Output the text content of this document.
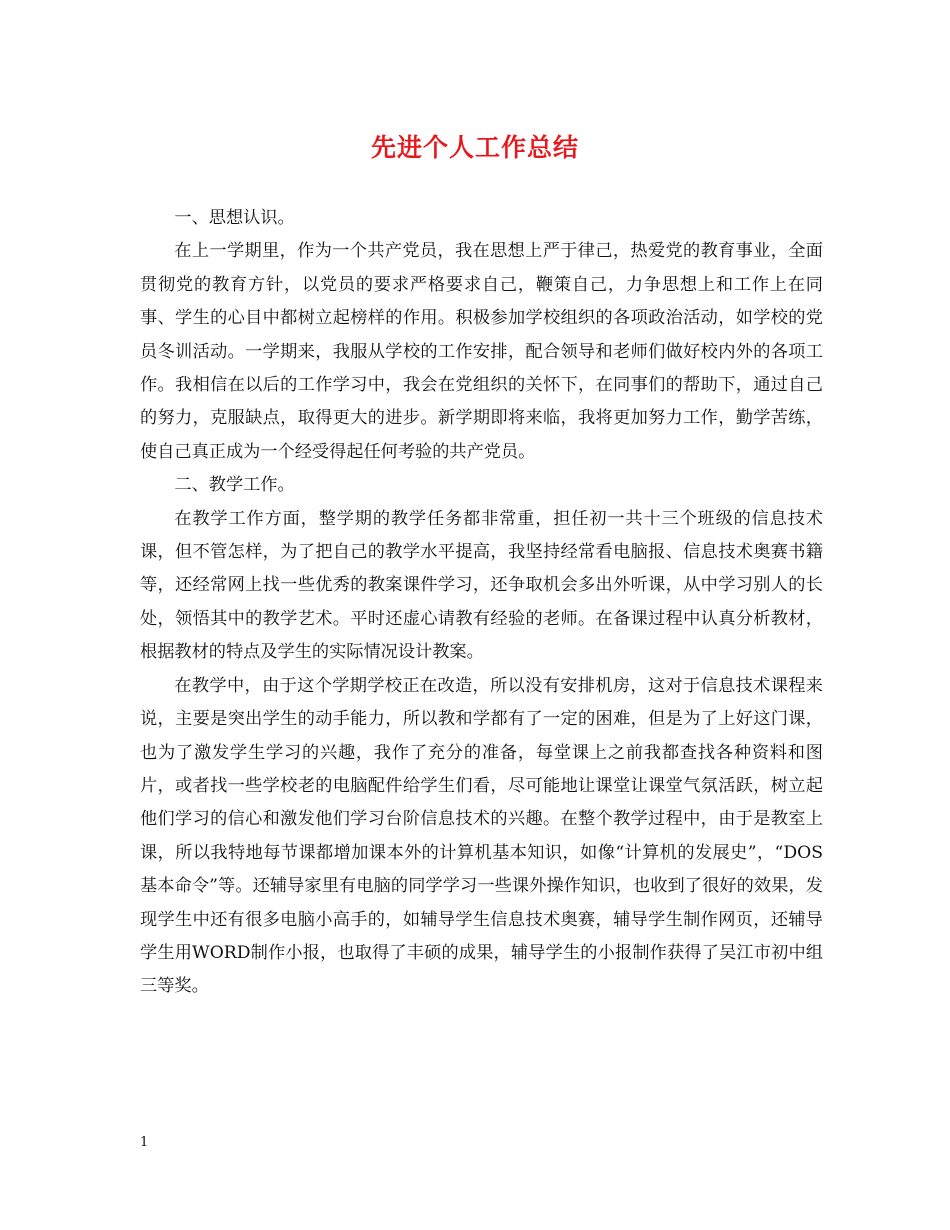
先进个人工作总结

一、思想认识。

在上一学期里，作为一个共产党员，我在思想上严于律己，热爱党的教育事业，全面贯彻党的教育方针，以党员的要求严格要求自己，鞭策自己，力争思想上和工作上在同事、学生的心目中都树立起榜样的作用。积极参加学校组织的各项政治活动，如学校的党员冬训活动。一学期来，我服从学校的工作安排，配合领导和老师们做好校内外的各项工作。我相信在以后的工作学习中，我会在党组织的关怀下，在同事们的帮助下，通过自己的努力，克服缺点，取得更大的进步。新学期即将来临，我将更加努力工作，勤学苦练，使自己真正成为一个经受得起任何考验的共产党员。

二、教学工作。

在教学工作方面，整学期的教学任务都非常重，担任初一共十三个班级的信息技术课，但不管怎样，为了把自己的教学水平提高，我坚持经常看电脑报、信息技术奥赛书籍等，还经常网上找一些优秀的教案课件学习，还争取机会多出外听课，从中学习别人的长处，领悟其中的教学艺术。平时还虚心请教有经验的老师。在备课过程中认真分析教材，根据教材的特点及学生的实际情况设计教案。

在教学中，由于这个学期学校正在改造，所以没有安排机房，这对于信息技术课程来说，主要是突出学生的动手能力，所以教和学都有了一定的困难，但是为了上好这门课，也为了激发学生学习的兴趣，我作了充分的准备，每堂课上之前我都查找各种资料和图片，或者找一些学校老的电脑配件给学生们看，尽可能地让课堂让课堂气氛活跃，树立起他们学习的信心和激发他们学习台阶信息技术的兴趣。在整个教学过程中，由于是教室上课，所以我特地每节课都增加课本外的计算机基本知识，如像“计算机的发展史”，“DOS基本命令”等。还辅导家里有电脑的同学学习一些课外操作知识，也收到了很好的效果，发现学生中还有很多电脑小高手的，如辅导学生信息技术奥赛，辅导学生制作网页，还辅导学生用WORD制作小报，也取得了丰硕的成果，辅导学生的小报制作获得了吴江市初中组三等奖。

1
